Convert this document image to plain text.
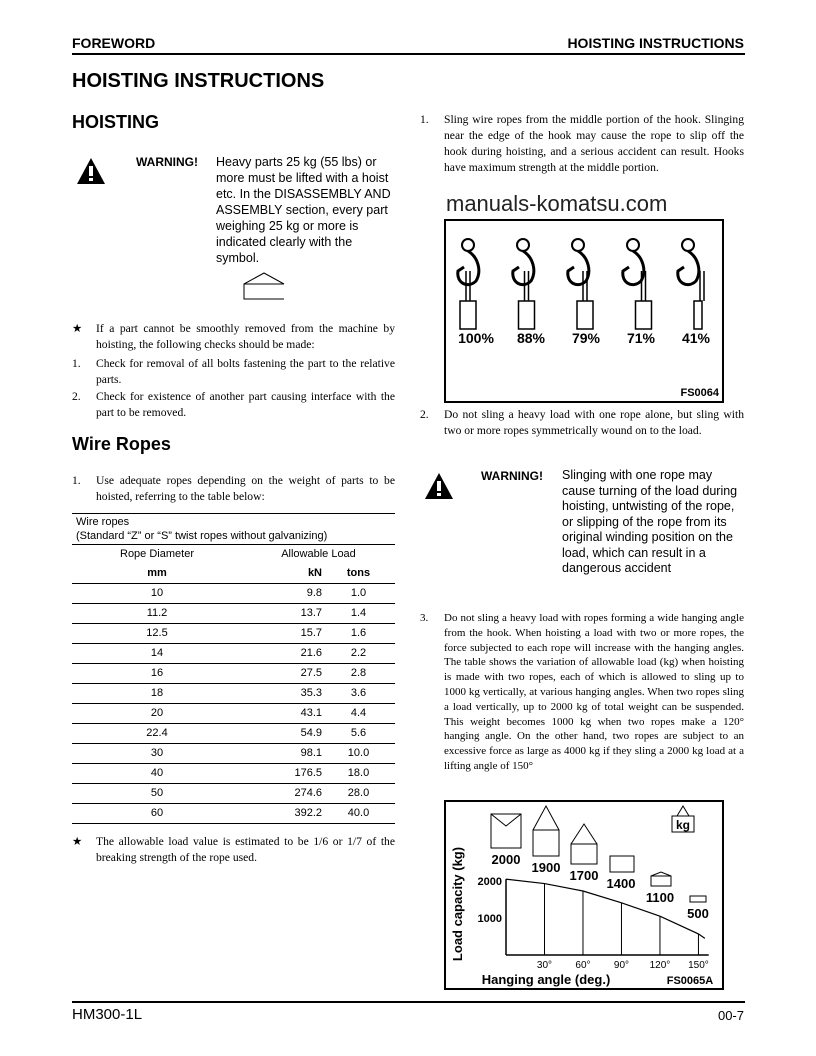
FOREWORD	HOISTING INSTRUCTIONS
HOISTING INSTRUCTIONS
HOISTING
WARNING! Heavy parts 25 kg (55 lbs) or more must be lifted with a hoist etc. In the DISASSEMBLY AND ASSEMBLY section, every part weighing 25 kg or more is indicated clearly with the symbol.
manuals-komatsu.com
★ If a part cannot be smoothly removed from the machine by hoisting, the following checks should be made:
1. Check for removal of all bolts fastening the part to the relative parts.
2. Check for existence of another part causing interface with the part to be removed.
Wire Ropes
1. Use adequate ropes depending on the weight of parts to be hoisted, referring to the table below:
Wire ropes
(Standard “Z” or “S” twist ropes without galvanizing)		
Rope Diameter	Allowable Load	
mm	kN	tons
10	9.8	1.0
11.2	13.7	1.4
12.5	15.7	1.6
14	21.6	2.2
16	27.5	2.8
18	35.3	3.6
20	43.1	4.4
22.4	54.9	5.6
30	98.1	10.0
40	176.5	18.0
50	274.6	28.0
60	392.2	40.0
★ The allowable load value is estimated to be 1/6 or 1/7 of the breaking strength of the rope used.
1. Sling wire ropes from the middle portion of the hook. Slinging near the edge of the hook may cause the rope to slip off the hook during hoisting, and a serious accident can result. Hooks have maximum strength at the middle portion.
100% 88% 79% 71% 41%
FS0064
2. Do not sling a heavy load with one rope alone, but sling with two or more ropes symmetrically wound on to the load.
WARNING! Slinging with one rope may cause turning of the load during hoisting, untwisting of the rope, or slipping of the rope from its original winding position on the load, which can result in a dangerous accident
3. Do not sling a heavy load with ropes forming a wide hanging angle from the hook. When hoisting a load with two or more ropes, the force subjected to each rope will increase with the hanging angles. The table shows the variation of allowable load (kg) when hoisting is made with two ropes, each of which is allowed to sling up to 1000 kg vertically, at various hanging angles. When two ropes sling a load vertically, up to 2000 kg of total weight can be suspended. This weight becomes 1000 kg when two ropes make a 120° hanging angle. On the other hand, two ropes are subject to an excessive force as large as 4000 kg if they sling a 2000 kg load at a lifting angle of 150°
30° 60° 90° 120° 150°
2000
1000
Load capacity (kg)
Hanging angle (deg.)	FS0065A
2000
1900
1700
1400
1100
500
kg
HM300-1L	00-7
